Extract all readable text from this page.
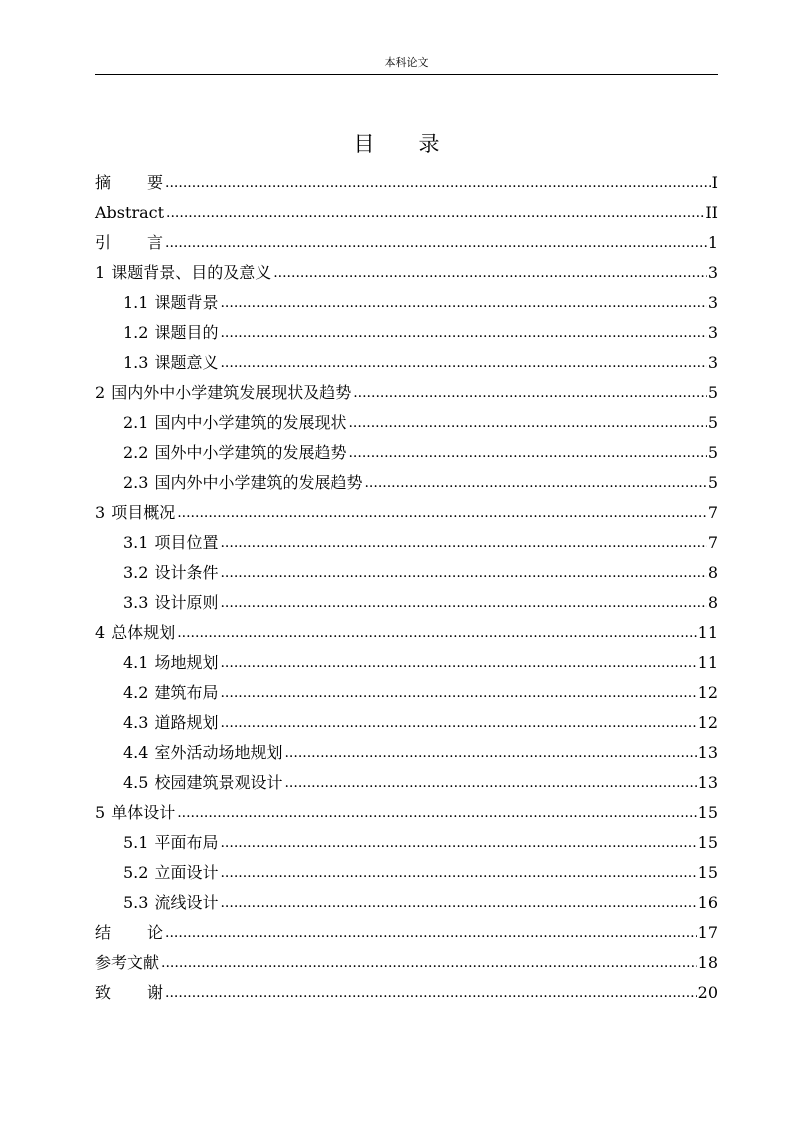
本科论文
目 录
摘 要 .....	I
Abstract .....	II
引 言 .....	1
1 课题背景、目的及意义 .....	3
1.1 课题背景 .....	3
1.2 课题目的 .....	3
1.3 课题意义 .....	3
2 国内外中小学建筑发展现状及趋势 .....	5
2.1 国内中小学建筑的发展现状 .....	5
2.2 国外中小学建筑的发展趋势 .....	5
2.3 国内外中小学建筑的发展趋势 .....	5
3 项目概况 .....	7
3.1 项目位置 .....	7
3.2 设计条件 .....	8
3.3 设计原则 .....	8
4 总体规划 .....	11
4.1 场地规划 .....	11
4.2 建筑布局 .....	12
4.3 道路规划 .....	12
4.4 室外活动场地规划 .....	13
4.5 校园建筑景观设计 .....	13
5 单体设计 .....	15
5.1 平面布局 .....	15
5.2 立面设计 .....	15
5.3 流线设计 .....	16
结 论 .....	17
参考文献 .....	18
致 谢 .....	20
